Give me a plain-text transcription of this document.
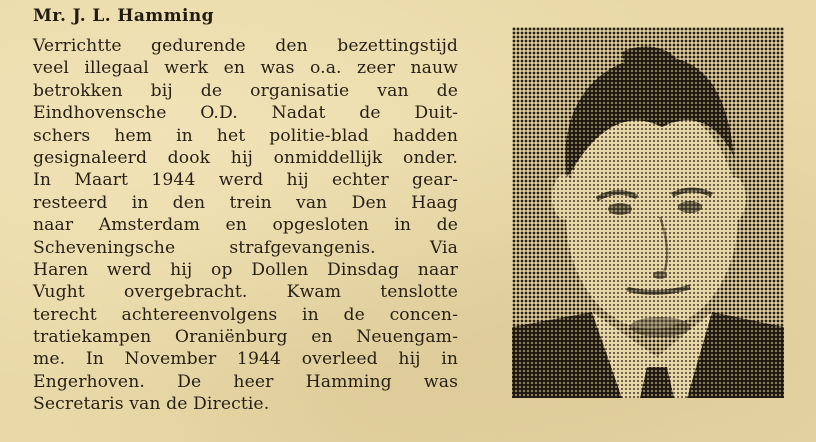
Mr. J. L. Hamming
Verrichtte gedurende den bezettingstijd
veel illegaal werk en was o.a. zeer nauw
betrokken bij de organisatie van de
Eindhovensche O.D. Nadat de Duit-
schers hem in het politie-blad hadden
gesignaleerd dook hij onmiddellijk onder.
In Maart 1944 werd hij echter gear-
resteerd in den trein van Den Haag
naar Amsterdam en opgesloten in de
Scheveningsche strafgevangenis. Via
Haren werd hij op Dollen Dinsdag naar
Vught overgebracht. Kwam tenslotte
terecht achtereenvolgens in de concen-
tratiekampen Oraniënburg en Neuengam-
me. In November 1944 overleed hij in
Engerhoven. De heer Hamming was
Secretaris van de Directie.
